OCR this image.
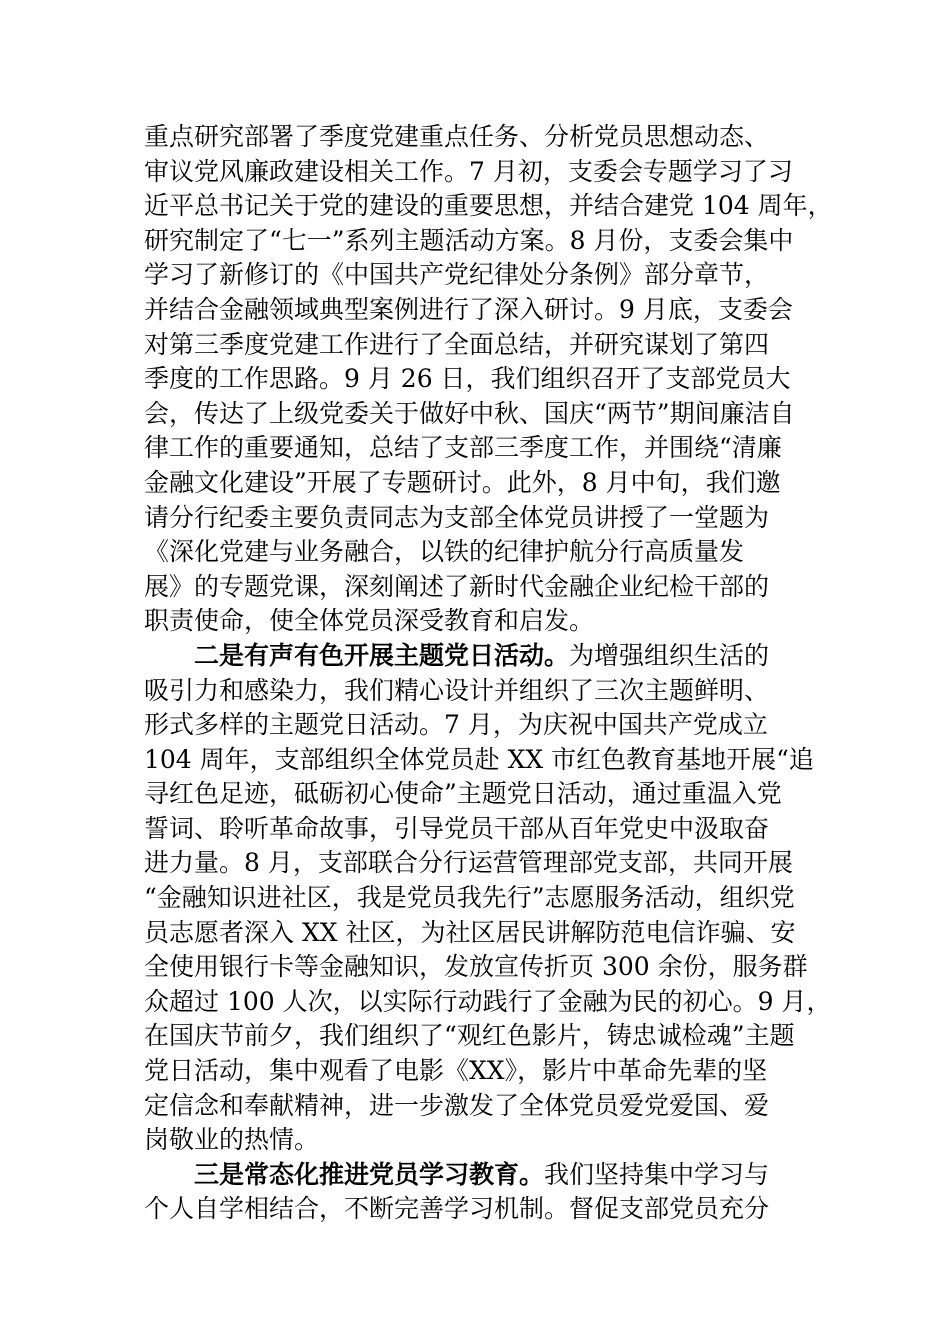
重点研究部署了季度党建重点任务、分析党员思想动态、
审议党风廉政建设相关工作。7 月初，支委会专题学习了习
近平总书记关于党的建设的重要思想，并结合建党 104 周年，
研究制定了“七一”系列主题活动方案。8 月份，支委会集中
学习了新修订的《中国共产党纪律处分条例》部分章节，
并结合金融领域典型案例进行了深入研讨。9 月底，支委会
对第三季度党建工作进行了全面总结，并研究谋划了第四
季度的工作思路。9 月 26 日，我们组织召开了支部党员大
会，传达了上级党委关于做好中秋、国庆“两节”期间廉洁自
律工作的重要通知，总结了支部三季度工作，并围绕“清廉
金融文化建设”开展了专题研讨。此外，8 月中旬，我们邀
请分行纪委主要负责同志为支部全体党员讲授了一堂题为
《深化党建与业务融合，以铁的纪律护航分行高质量发
展》的专题党课，深刻阐述了新时代金融企业纪检干部的
职责使命，使全体党员深受教育和启发。
二是有声有色开展主题党日活动。为增强组织生活的
吸引力和感染力，我们精心设计并组织了三次主题鲜明、
形式多样的主题党日活动。7 月，为庆祝中国共产党成立
104 周年，支部组织全体党员赴 XX 市红色教育基地开展“追
寻红色足迹，砥砺初心使命”主题党日活动，通过重温入党
誓词、聆听革命故事，引导党员干部从百年党史中汲取奋
进力量。8 月，支部联合分行运营管理部党支部，共同开展
“金融知识进社区，我是党员我先行”志愿服务活动，组织党
员志愿者深入 XX 社区，为社区居民讲解防范电信诈骗、安
全使用银行卡等金融知识，发放宣传折页 300 余份，服务群
众超过 100 人次，以实际行动践行了金融为民的初心。9 月，
在国庆节前夕，我们组织了“观红色影片，铸忠诚检魂”主题
党日活动，集中观看了电影《XX》，影片中革命先辈的坚
定信念和奉献精神，进一步激发了全体党员爱党爱国、爱
岗敬业的热情。
三是常态化推进党员学习教育。我们坚持集中学习与
个人自学相结合，不断完善学习机制。督促支部党员充分
